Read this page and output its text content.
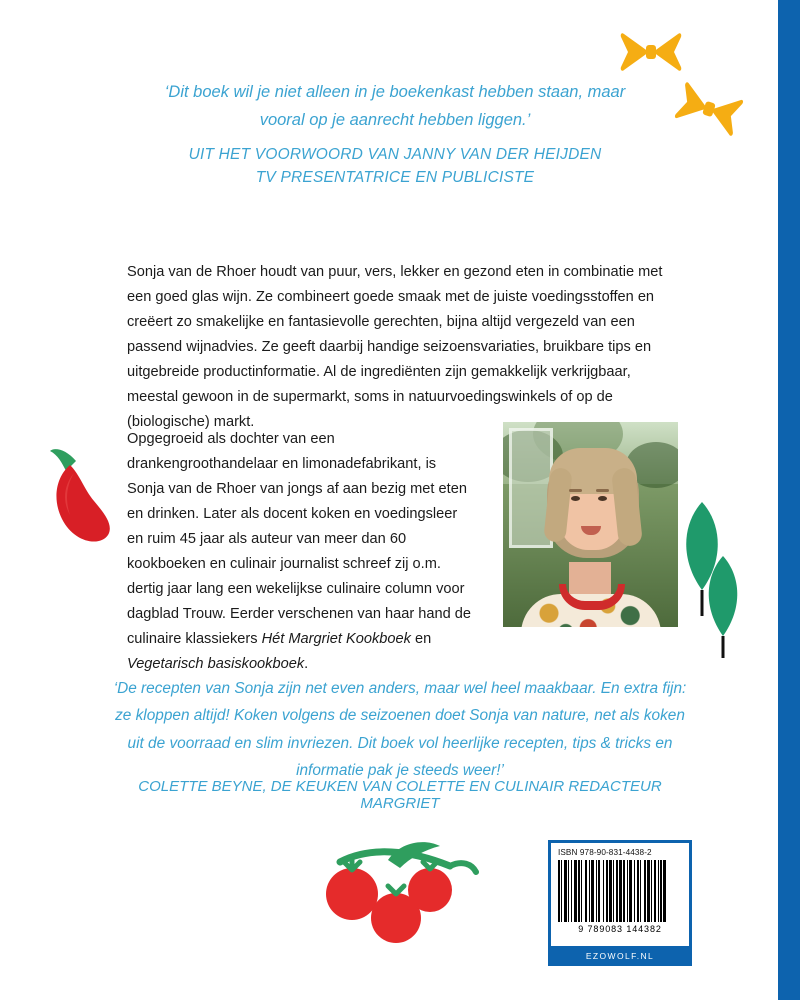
‘Dit boek wil je niet alleen in je boekenkast hebben staan, maar vooral op je aanrecht hebben liggen.’
UIT HET VOORWOORD VAN JANNY VAN DER HEIJDEN
TV PRESENTATRICE EN PUBLICISTE

Sonja van de Rhoer houdt van puur, vers, lekker en gezond eten in combinatie met een goed glas wijn. Ze combineert goede smaak met de juiste voedingsstoffen en creëert zo smakelijke en fantasievolle gerechten, bijna altijd vergezeld van een passend wijnadvies. Ze geeft daarbij handige seizoensvariaties, bruikbare tips en uitgebreide productinformatie. Al de ingrediënten zijn gemakkelijk verkrijgbaar, meestal gewoon in de supermarkt, soms in natuurvoedingswinkels of op de (biologische) markt.

Opgegroeid als dochter van een drankengroothandelaar en limonadefabrikant, is Sonja van de Rhoer van jongs af aan bezig met eten en drinken. Later als docent koken en voedingsleer en ruim 45 jaar als auteur van meer dan 60 kookboeken en culinair journalist schreef zij o.m. dertig jaar lang een wekelijkse culinaire column voor dagblad Trouw. Eerder verschenen van haar hand de culinaire klassiekers Hét Margriet Kookboek en Vegetarisch basiskookboek.

‘De recepten van Sonja zijn net even anders, maar wel heel maakbaar. En extra fijn: ze kloppen altijd! Koken volgens de seizoenen doet Sonja van nature, net als koken uit de voorraad en slim invriezen. Dit boek vol heerlijke recepten, tips & tricks en informatie pak je steeds weer!’
COLETTE BEYNE, DE KEUKEN VAN COLETTE EN CULINAIR REDACTEUR MARGRIET
ISBN 978-90-831-4438-2
9 789083 144382
EZOWOLF.NL
